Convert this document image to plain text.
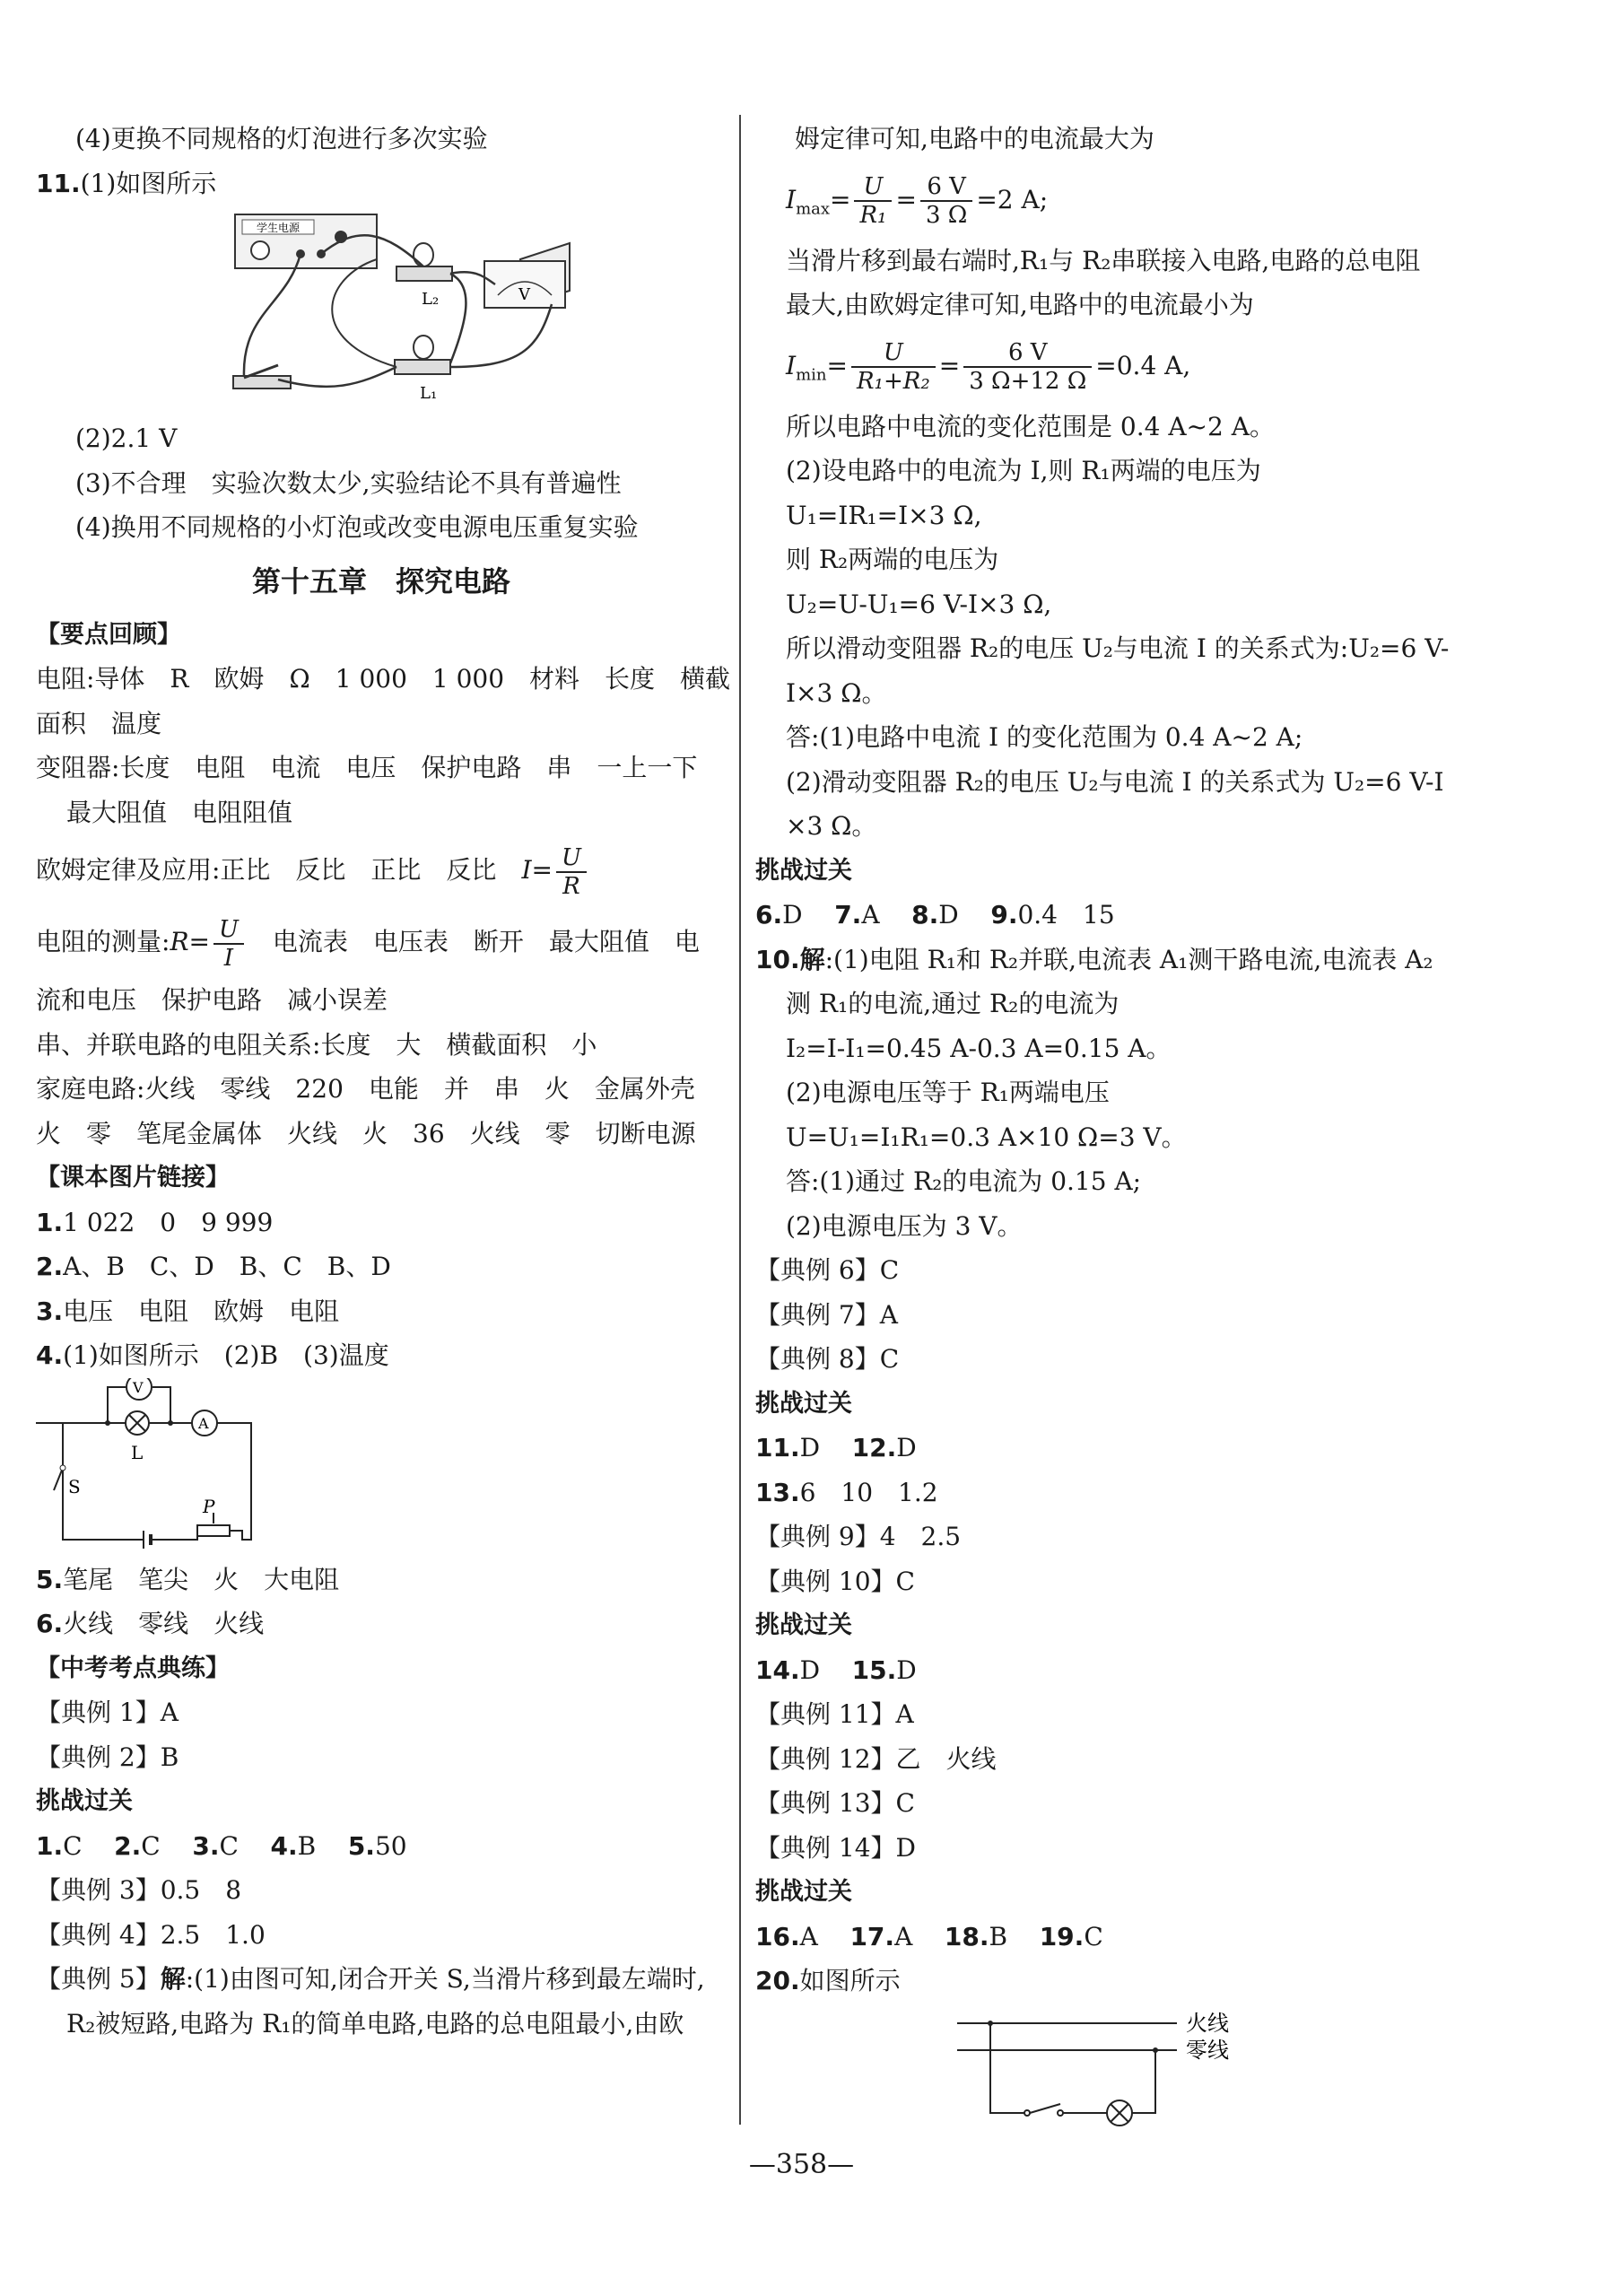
(4)更换不同规格的灯泡进行多次实验
11.(1)如图所示
学生电源
L₂
L₁
V
(2)2.1 V
(3)不合理　实验次数太少,实验结论不具有普遍性
(4)换用不同规格的小灯泡或改变电源电压重复实验
第十五章　探究电路
【要点回顾】
电阻:导体　R　欧姆　Ω　1 000　1 000　材料　长度　横截
面积　温度
变阻器:长度　电阻　电流　电压　保护电路　串　一上一下
最大阻值　电阻阻值
欧姆定律及应用:正比　反比　正比　反比　$I= \frac{U}{R}$
电阻的测量:R= $\frac{U}{I}$ 　电流表　电压表　断开　最大阻值　电
流和电压　保护电路　减小误差
串、并联电路的电阻关系:长度　大　横截面积　小
家庭电路:火线　零线　220　电能　并　串　火　金属外壳
火　零　笔尾金属体　火线　火　36　火线　零　切断电源
【课本图片链接】
1.1 022　0　9 999
2.A、B　C、D　B、C　B、D
3.电压　电阻　欧姆　电阻
4.(1)如图所示　(2)B　(3)温度
V
A
L
S
P
5.笔尾　笔尖　火　大电阻
6.火线　零线　火线
【中考考点典练】
【典例 1】A
【典例 2】B
挑战过关
1.C 2.C 3.C 4.B 5.50
【典例 3】0.5　8
【典例 4】2.5　1.0
【典例 5】解:(1)由图可知,闭合开关 S,当滑片移到最左端时,
R₂被短路,电路为 R₁的简单电路,电路的总电阻最小,由欧
姆定律可知,电路中的电流最大为
$I_{max}= \frac{U}{\text{R₁}} = \frac{6 V}{3 \Omega} =2$ A;
当滑片移到最右端时,R₁与 R₂串联接入电路,电路的总电阻
最大,由欧姆定律可知,电路中的电流最小为
$I_{min}= \frac{U}{\text{R₁+R₂}} = \frac{6 V}{3 \Omega+12 \Omega} =0.4$ A,
所以电路中电流的变化范围是 0.4 A~2 A。
(2)设电路中的电流为 I,则 R₁两端的电压为
U₁=IR₁=I×3 Ω,
则 R₂两端的电压为
U₂=U-U₁=6 V-I×3 Ω,
所以滑动变阻器 R₂的电压 U₂与电流 I 的关系式为:U₂=6 V-
I×3 Ω。
答:(1)电路中电流 I 的变化范围为 0.4 A~2 A;
(2)滑动变阻器 R₂的电压 U₂与电流 I 的关系式为 U₂=6 V-I
×3 Ω。
挑战过关
6.D 7.A 8.D 9.0.4　15
10.解:(1)电阻 R₁和 R₂并联,电流表 A₁测干路电流,电流表 A₂
测 R₁的电流,通过 R₂的电流为
I₂=I-I₁=0.45 A-0.3 A=0.15 A。
(2)电源电压等于 R₁两端电压
U=U₁=I₁R₁=0.3 A×10 Ω=3 V。
答:(1)通过 R₂的电流为 0.15 A;
(2)电源电压为 3 V。
【典例 6】C
【典例 7】A
【典例 8】C
挑战过关
11.D 12.D
13.6　10　1.2
【典例 9】4　2.5
【典例 10】C
挑战过关
14.D 15.D
【典例 11】A
【典例 12】乙　火线
【典例 13】C
【典例 14】D
挑战过关
16.A 17.A 18.B 19.C
20.如图所示
火线
零线
—358—
